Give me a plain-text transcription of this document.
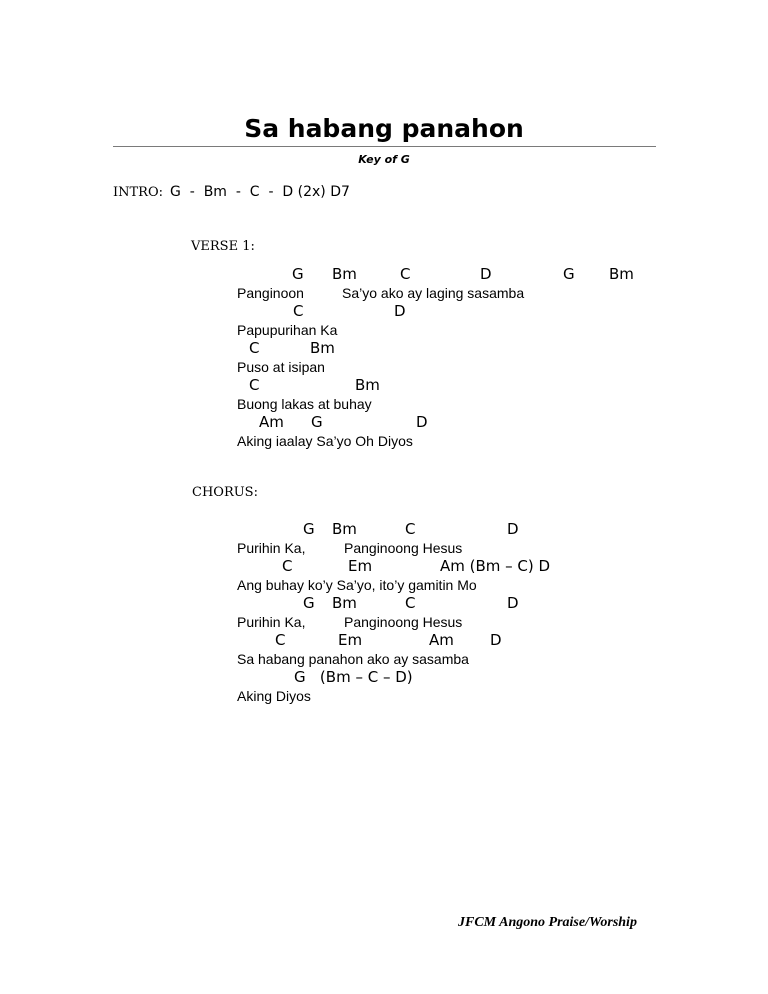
Sa habang panahon
Key of G
INTRO: G  -  Bm  -  C  -  D (2x) D7
VERSE 1:
G Bm	C	D	G Bm
Panginoon	Sa’yo ako ay laging sasamba
C	D
Papupurihan Ka
C	Bm
Puso at isipan
C	Bm
Buong lakas at buhay
Am G	D
Aking iaalay Sa’yo Oh Diyos
CHORUS:
G Bm	C	D
Purihin Ka,	Panginoong Hesus
C	Em	Am (Bm – C) D
Ang buhay ko’y Sa’yo, ito’y gamitin Mo
G Bm	C	D
Purihin Ka,	Panginoong Hesus
C	Em	Am D
Sa habang panahon ako ay sasamba
G   (Bm – C – D)
Aking Diyos
JFCM Angono Praise/Worship
